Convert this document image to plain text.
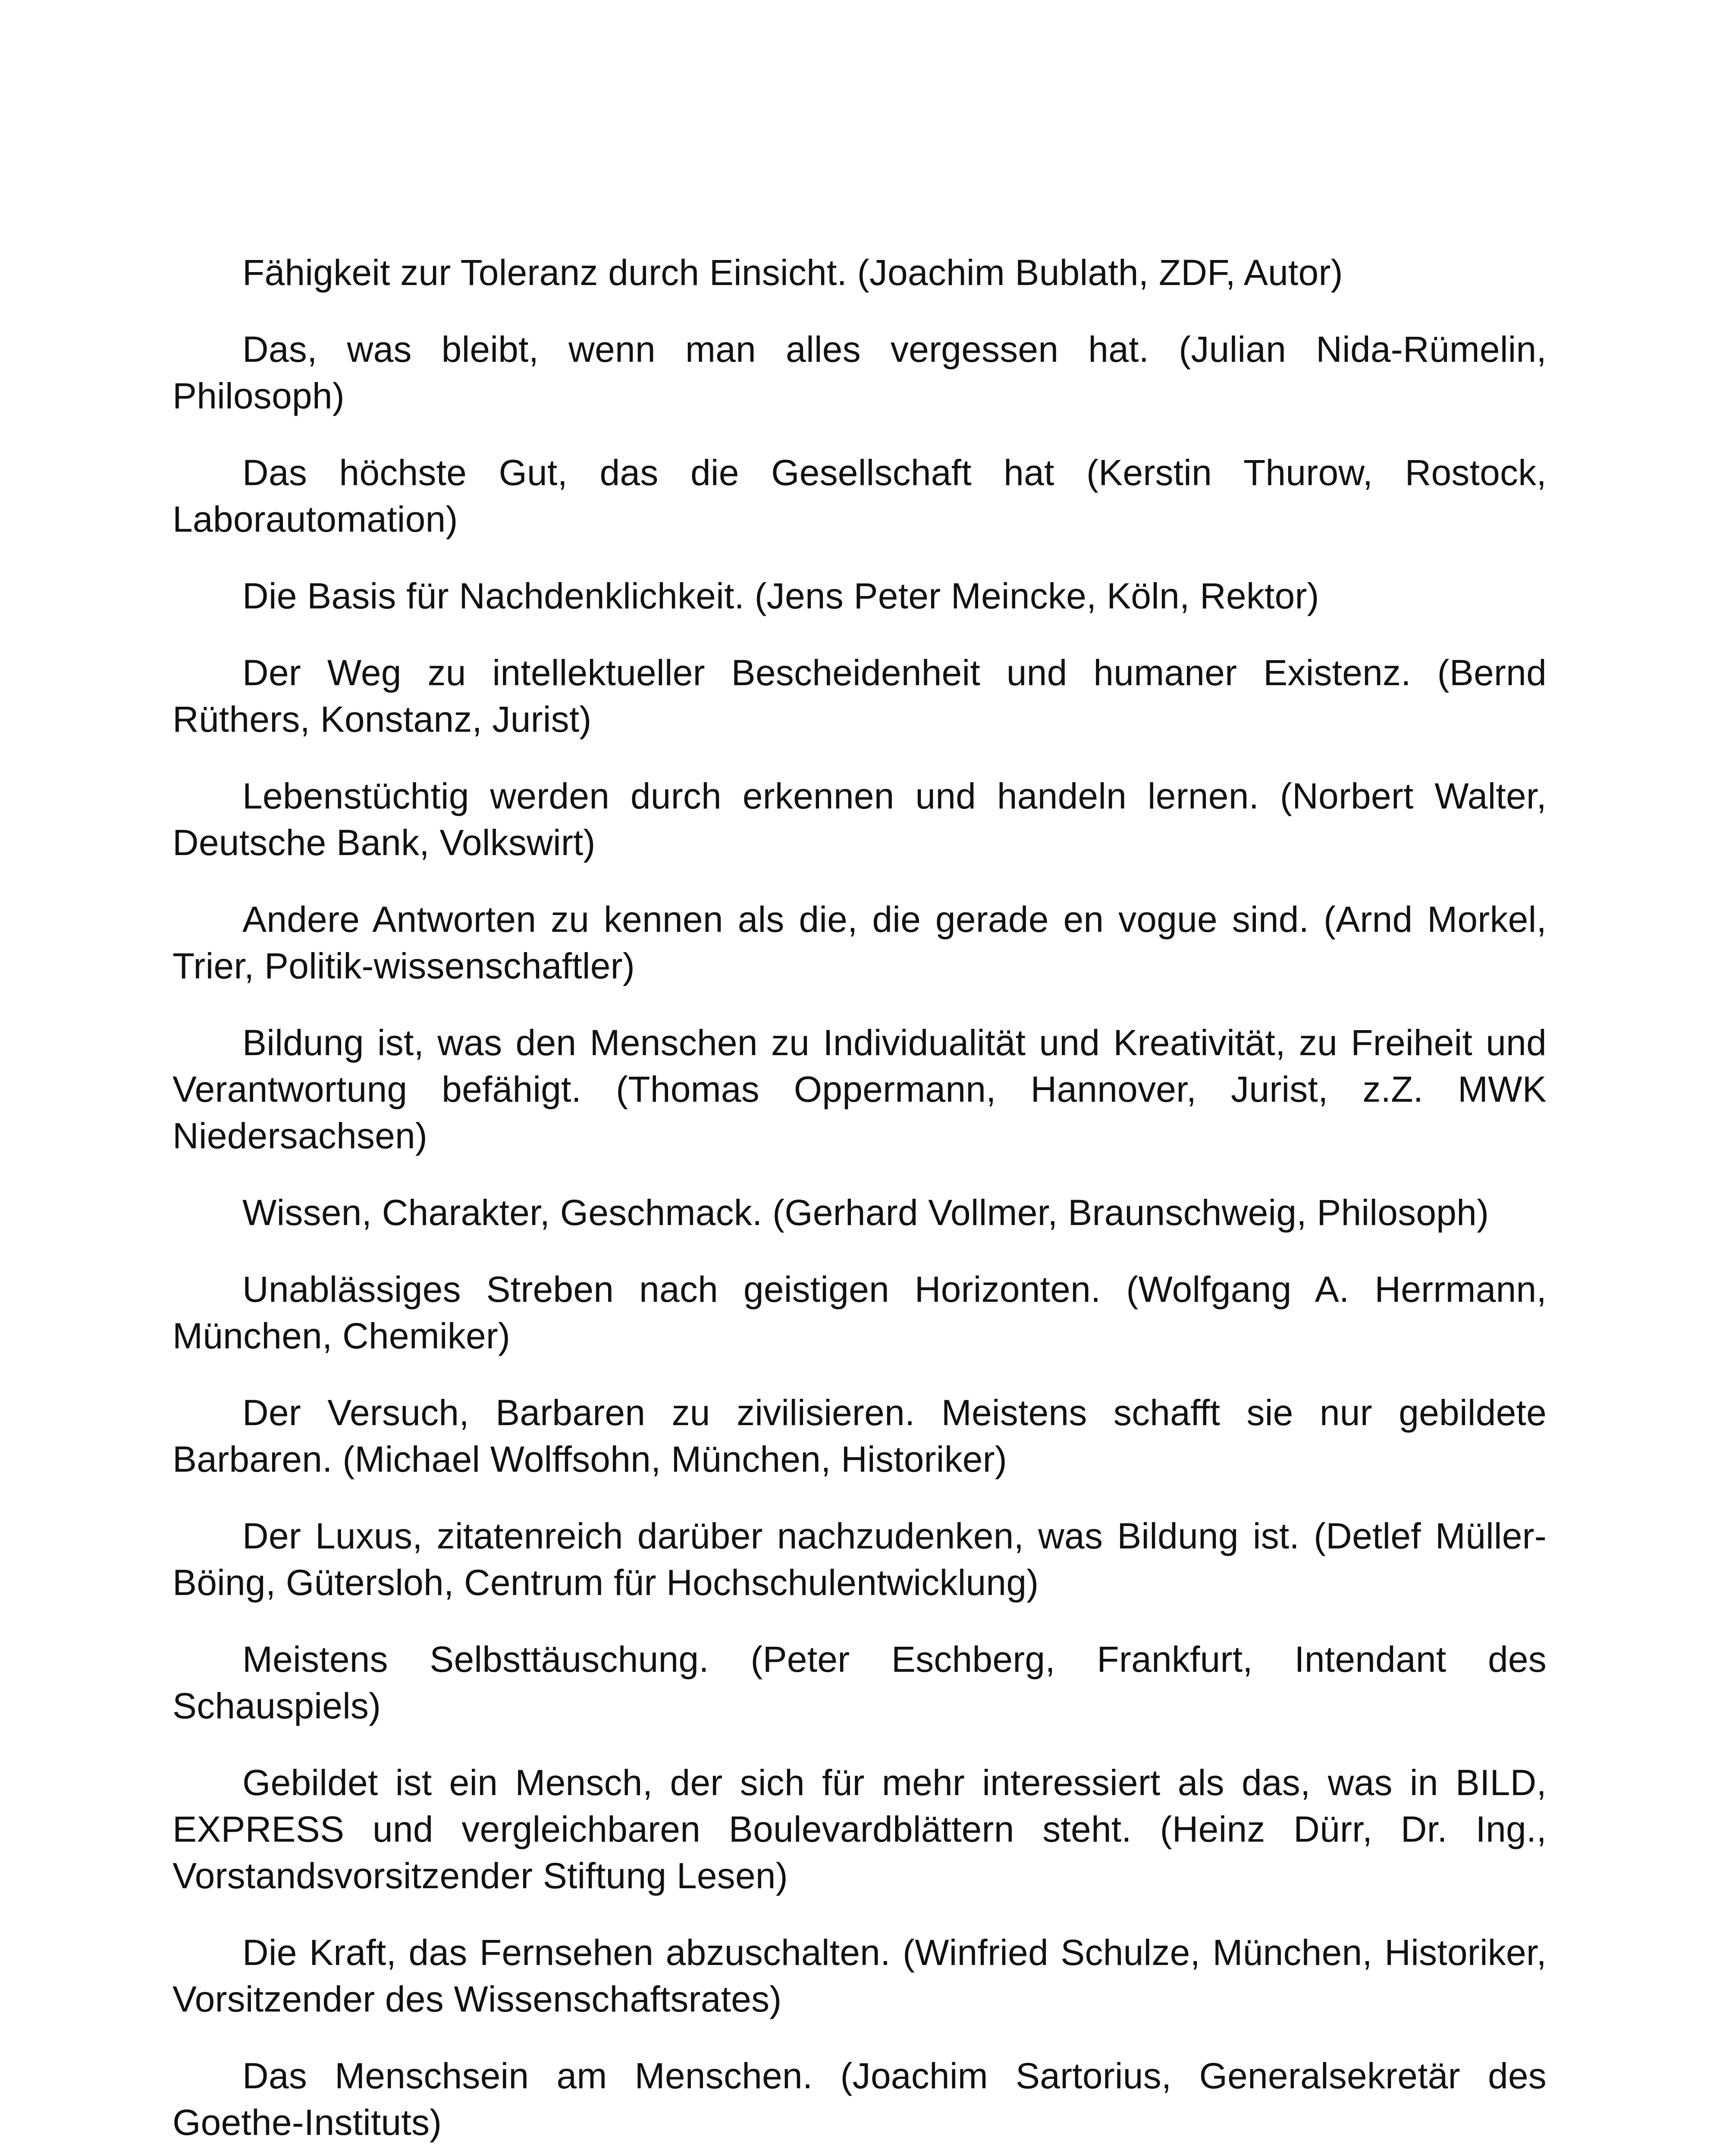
Fähigkeit zur Toleranz durch Einsicht. (Joachim Bublath, ZDF, Autor)

Das, was bleibt, wenn man alles vergessen hat. (Julian Nida-Rümelin, Philosoph)

Das höchste Gut, das die Gesellschaft hat (Kerstin Thurow, Rostock, Laborautomation)

Die Basis für Nachdenklichkeit. (Jens Peter Meincke, Köln, Rektor)

Der Weg zu intellektueller Bescheidenheit und humaner Existenz. (Bernd Rüthers, Konstanz, Jurist)

Lebenstüchtig werden durch erkennen und handeln lernen. (Norbert Walter, Deutsche Bank, Volkswirt)

Andere Antworten zu kennen als die, die gerade en vogue sind. (Arnd Morkel, Trier, Politik-wissenschaftler)

Bildung ist, was den Menschen zu Individualität und Kreativität, zu Freiheit und Verantwortung befähigt. (Thomas Oppermann, Hannover, Jurist, z.Z. MWK Niedersachsen)

Wissen, Charakter, Geschmack. (Gerhard Vollmer, Braunschweig, Philosoph)

Unablässiges Streben nach geistigen Horizonten. (Wolfgang A. Herrmann, München, Chemiker)

Der Versuch, Barbaren zu zivilisieren. Meistens schafft sie nur gebildete Barbaren. (Michael Wolffsohn, München, Historiker)

Der Luxus, zitatenreich darüber nachzudenken, was Bildung ist. (Detlef Müller-Böing, Gütersloh, Centrum für Hochschulentwicklung)

Meistens Selbsttäuschung. (Peter Eschberg, Frankfurt, Intendant des Schauspiels)

Gebildet ist ein Mensch, der sich für mehr interessiert als das, was in BILD, EXPRESS und vergleichbaren Boulevardblättern steht. (Heinz Dürr, Dr. Ing., Vorstandsvorsitzender Stiftung Lesen)

Die Kraft, das Fernsehen abzuschalten. (Winfried Schulze, München, Historiker, Vorsitzender des Wissenschaftsrates)

Das Menschsein am Menschen. (Joachim Sartorius, Generalsekretär des Goethe-Instituts)
